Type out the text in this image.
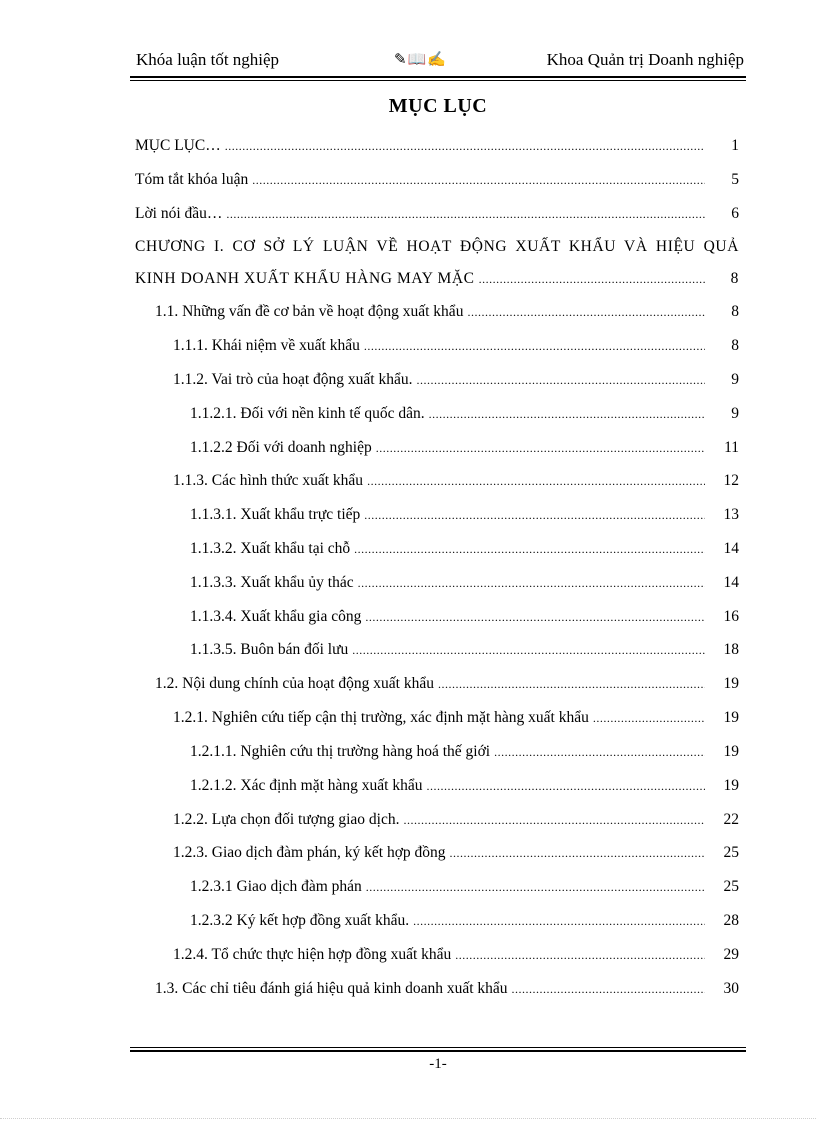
Khóa luận tốt nghiệp	✎📖✍	Khoa Quản trị Doanh nghiệp
MỤC LỤC
MỤC LỤC… .....	1
Tóm tắt khóa luận .....	5
Lời nói đầu… .....	6
CHƯƠNG I. CƠ SỞ LÝ LUẬN VỀ HOẠT ĐỘNG XUẤT KHẨU VÀ HIỆU QUẢ
KINH DOANH XUẤT KHẨU HÀNG MAY MẶC .....	8
1.1. Những vấn đề cơ bản về hoạt động xuất khẩu .....	8
1.1.1. Khái niệm về xuất khẩu .....	8
1.1.2. Vai trò của hoạt động xuất khẩu. .....	9
1.1.2.1. Đối với nền kinh tế quốc dân. .....	9
1.1.2.2 Đối với doanh nghiệp .....	11
1.1.3. Các hình thức xuất khẩu .....	12
1.1.3.1. Xuất khẩu trực tiếp .....	13
1.1.3.2. Xuất khẩu tại chỗ .....	14
1.1.3.3. Xuất khẩu ủy thác .....	14
1.1.3.4. Xuất khẩu gia công .....	16
1.1.3.5. Buôn bán đối lưu .....	18
1.2. Nội dung chính của hoạt động xuất khẩu .....	19
1.2.1. Nghiên cứu tiếp cận thị trường, xác định mặt hàng xuất khẩu .....	19
1.2.1.1. Nghiên cứu thị trường hàng hoá thế giới .....	19
1.2.1.2. Xác định mặt hàng xuất khẩu .....	19
1.2.2. Lựa chọn đối tượng giao dịch. .....	22
1.2.3. Giao dịch đàm phán, ký kết hợp đồng .....	25
1.2.3.1 Giao dịch đàm phán .....	25
1.2.3.2 Ký kết hợp đồng xuất khẩu. .....	28
1.2.4. Tổ chức thực hiện hợp đồng xuất khẩu .....	29
1.3. Các chỉ tiêu đánh giá hiệu quả kinh doanh xuất khẩu .....	30
-1-
